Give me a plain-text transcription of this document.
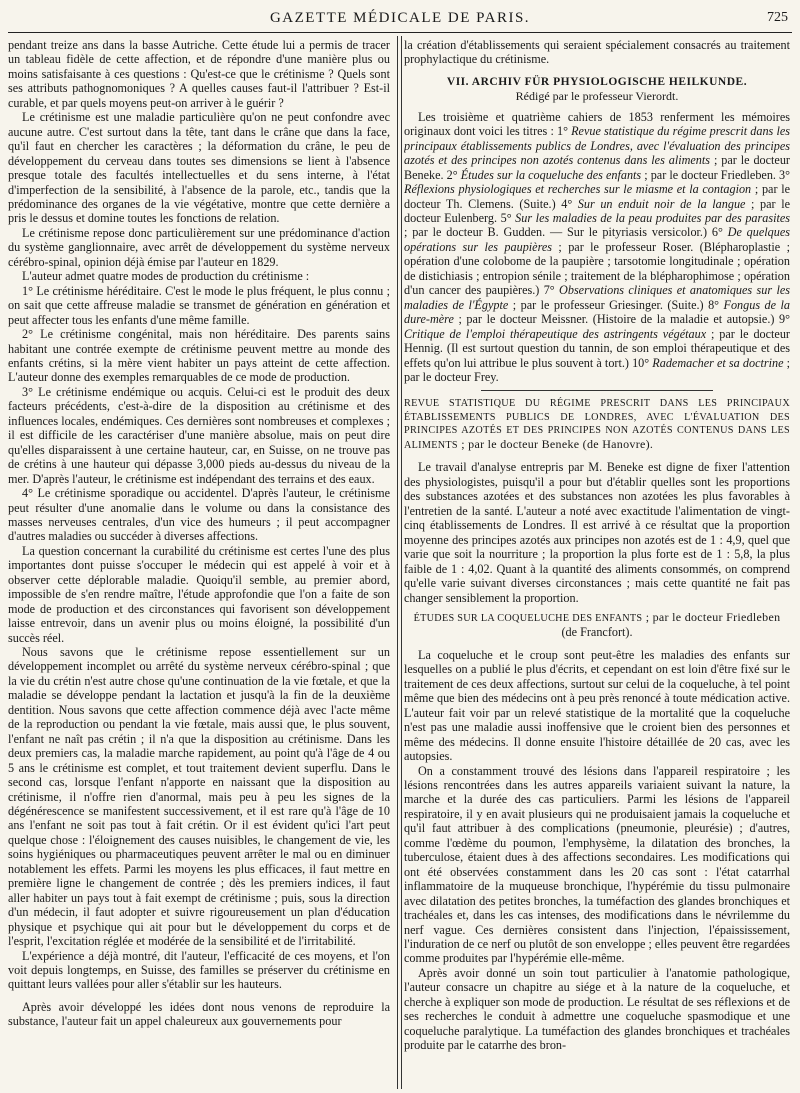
GAZETTE MÉDICALE DE PARIS.	725

pendant treize ans dans la basse Autriche. Cette étude lui a permis de tracer un tableau fidèle de cette affection, et de répondre d'une manière plus ou moins satisfaisante à ces questions : Qu'est-ce que le crétinisme ? Quels sont ses attributs pathognomoniques ? A quelles causes faut-il l'attribuer ? Est-il curable, et par quels moyens peut-on arriver à le guérir ?

Le crétinisme est une maladie particulière qu'on ne peut confondre avec aucune autre. C'est surtout dans la tête, tant dans le crâne que dans la face, qu'il faut en chercher les caractères ; la déformation du crâne, le peu de développement du cerveau dans toutes ses dimensions se lient à l'absence presque totale des facultés intellectuelles et du sens interne, à l'état d'imperfection de la sensibilité, à l'absence de la parole, etc., tandis que la prédominance des organes de la vie végétative, montre que cette dernière a pris le dessus et domine toutes les fonctions de relation.

Le crétinisme repose donc particulièrement sur une prédominance d'action du système ganglionnaire, avec arrêt de développement du système nerveux cérébro-spinal, opinion déjà émise par l'auteur en 1829.

L'auteur admet quatre modes de production du crétinisme :

1° Le crétinisme héréditaire. C'est le mode le plus fréquent, le plus connu ; on sait que cette affreuse maladie se transmet de génération en génération et peut affecter tous les enfants d'une même famille.

2° Le crétinisme congénital, mais non héréditaire. Des parents sains habitant une contrée exempte de crétinisme peuvent mettre au monde des enfants crétins, si la mère vient habiter un pays atteint de cette affection. L'auteur donne des exemples remarquables de ce mode de production.

3° Le crétinisme endémique ou acquis. Celui-ci est le produit des deux facteurs précédents, c'est-à-dire de la disposition au crétinisme et des influences locales, endémiques. Ces dernières sont nombreuses et complexes ; il est difficile de les caractériser d'une manière absolue, mais on peut dire qu'elles disparaissent à une certaine hauteur, car, en Suisse, on ne trouve pas de crétins à une hauteur qui dépasse 3,000 pieds au-dessus du niveau de la mer. D'après l'auteur, le crétinisme est indépendant des terrains et des eaux.

4° Le crétinisme sporadique ou accidentel. D'après l'auteur, le crétinisme peut résulter d'une anomalie dans le volume ou dans la consistance des masses nerveuses centrales, d'un vice des humeurs ; il peut accompagner d'autres maladies ou succéder à diverses affections.

La question concernant la curabilité du crétinisme est certes l'une des plus importantes dont puisse s'occuper le médecin qui est appelé à voir et à observer cette déplorable maladie. Quoiqu'il semble, au premier abord, impossible de s'en rendre maître, l'étude approfondie que l'on a faite de son mode de production et des circonstances qui favorisent son développement laisse entrevoir, dans un avenir plus ou moins éloigné, la possibilité d'un succès réel.

Nous savons que le crétinisme repose essentiellement sur un développement incomplet ou arrêté du système nerveux cérébro-spinal ; que la vie du crétin n'est autre chose qu'une continuation de la vie fœtale, et que la maladie se développe pendant la lactation et jusqu'à la fin de la deuxième dentition. Nous savons que cette affection commence déjà avec l'acte même de la reproduction ou pendant la vie fœtale, mais aussi que, le plus souvent, l'enfant ne naît pas crétin ; il n'a que la disposition au crétinisme. Dans les deux premiers cas, la maladie marche rapidement, au point qu'à l'âge de 4 ou 5 ans le crétinisme est complet, et tout traitement devient superflu. Dans le second cas, lorsque l'enfant n'apporte en naissant que la disposition au crétinisme, il n'offre rien d'anormal, mais peu à peu les signes de la dégénérescence se manifestent successivement, et il est rare qu'à l'âge de 10 ans l'enfant ne soit pas tout à fait crétin. Or il est évident qu'ici l'art peut quelque chose : l'éloignement des causes nuisibles, le changement de vie, les soins hygiéniques ou pharmaceutiques peuvent arrêter le mal ou en diminuer notablement les effets. Parmi les moyens les plus efficaces, il faut mettre en première ligne le changement de contrée ; dès les premiers indices, il faut aller habiter un pays tout à fait exempt de crétinisme ; puis, sous la direction d'un médecin, il faut adopter et suivre rigoureusement un plan d'éducation physique et psychique qui ait pour but le développement du corps et de l'esprit, l'excitation réglée et modérée de la sensibilité et de l'irritabilité.

L'expérience a déjà montré, dit l'auteur, l'efficacité de ces moyens, et l'on voit depuis longtemps, en Suisse, des familles se préserver du crétinisme en quittant leurs vallées pour aller s'établir sur les hauteurs.

Après avoir développé les idées dont nous venons de reproduire la substance, l'auteur fait un appel chaleureux aux gouvernements pour

la création d'établissements qui seraient spécialement consacrés au traitement prophylactique du crétinisme.

VII. ARCHIV FÜR PHYSIOLOGISCHE HEILKUNDE.
Rédigé par le professeur Vierordt.

Les troisième et quatrième cahiers de 1853 renferment les mémoires originaux dont voici les titres : 1° Revue statistique du régime prescrit dans les principaux établissements publics de Londres, avec l'évaluation des principes azotés et des principes non azotés contenus dans les aliments ; par le docteur Beneke. 2° Études sur la coqueluche des enfants ; par le docteur Friedleben. 3° Réflexions physiologiques et recherches sur le miasme et la contagion ; par le docteur Th. Clemens. (Suite.) 4° Sur un enduit noir de la langue ; par le docteur Eulenberg. 5° Sur les maladies de la peau produites par des parasites ; par le docteur B. Gudden. — Sur le pityriasis versicolor.) 6° De quelques opérations sur les paupières ; par le professeur Roser. (Blépharoplastie ; opération d'une colobome de la paupière ; tarsotomie longitudinale ; opération de distichiasis ; entropion sénile ; traitement de la blépharophimose ; opération d'un cancer des paupières.) 7° Observations cliniques et anatomiques sur les maladies de l'Égypte ; par le professeur Griesinger. (Suite.) 8° Fongus de la dure-mère ; par le docteur Meissner. (Histoire de la maladie et autopsie.) 9° Critique de l'emploi thérapeutique des astringents végétaux ; par le docteur Hennig. (Il est surtout question du tannin, de son emploi thérapeutique et des effets qu'on lui attribue le plus souvent à tort.) 10° Rademacher et sa doctrine ; par le docteur Frey.

REVUE STATISTIQUE DU RÉGIME PRESCRIT DANS LES PRINCIPAUX ÉTABLISSEMENTS PUBLICS DE LONDRES, AVEC L'ÉVALUATION DES PRINCIPES AZOTÉS ET DES PRINCIPES NON AZOTÉS CONTENUS DANS LES ALIMENTS ; par le docteur Beneke (de Hanovre).

Le travail d'analyse entrepris par M. Beneke est digne de fixer l'attention des physiologistes, puisqu'il a pour but d'établir quelles sont les proportions des substances azotées et des substances non azotées les plus favorables à l'entretien de la santé. L'auteur a noté avec exactitude l'alimentation de vingt-cinq établissements de Londres. Il est arrivé à ce résultat que la proportion moyenne des principes azotés aux principes non azotés est de 1 : 4,9, quel que varie que soit la nourriture ; la proportion la plus forte est de 1 : 5,8, la plus faible de 1 : 4,02. Quant à la quantité des aliments consommés, on comprend qu'elle varie suivant diverses circonstances ; mais cette quantité ne fait pas changer sensiblement la proportion.

ÉTUDES SUR LA COQUELUCHE DES ENFANTS ; par le docteur Friedleben

(de Francfort).

La coqueluche et le croup sont peut-être les maladies des enfants sur lesquelles on a publié le plus d'écrits, et cependant on est loin d'être fixé sur le traitement de ces deux affections, surtout sur celui de la coqueluche, à tel point même que bien des médecins ont à peu près renoncé à toute médication active. L'auteur fait voir par un relevé statistique de la mortalité que la coqueluche n'est pas une maladie aussi inoffensive que le croient bien des personnes et même des médecins. Il donne ensuite l'histoire détaillée de 20 cas, avec les autopsies.

On a constamment trouvé des lésions dans l'appareil respiratoire ; les lésions rencontrées dans les autres appareils variaient suivant la nature, la marche et la durée des cas particuliers. Parmi les lésions de l'appareil respiratoire, il y en avait plusieurs qui ne produisaient jamais la coqueluche et qu'il faut attribuer à des complications (pneumonie, pleurésie) ; d'autres, comme l'œdème du poumon, l'emphysème, la dilatation des bronches, la tuberculose, étaient dues à des affections secondaires. Les modifications qui ont été observées constamment dans les 20 cas sont : l'état catarrhal inflammatoire de la muqueuse bronchique, l'hypérémie du tissu pulmonaire avec dilatation des petites bronches, la tuméfaction des glandes bronchiques et trachéales et, dans les cas intenses, des modifications dans le névrilemme du nerf vague. Ces dernières consistent dans l'injection, l'épaississement, l'induration de ce nerf ou plutôt de son enveloppe ; elles peuvent être regardées comme produites par l'hypérémie elle-même.

Après avoir donné un soin tout particulier à l'anatomie pathologique, l'auteur consacre un chapitre au siége et à la nature de la coqueluche, et cherche à expliquer son mode de production. Le résultat de ses réflexions et de ses recherches le conduit à admettre une coqueluche spasmodique et une coqueluche paralytique. La tuméfaction des glandes bronchiques et trachéales produite par le catarrhe des bron-
